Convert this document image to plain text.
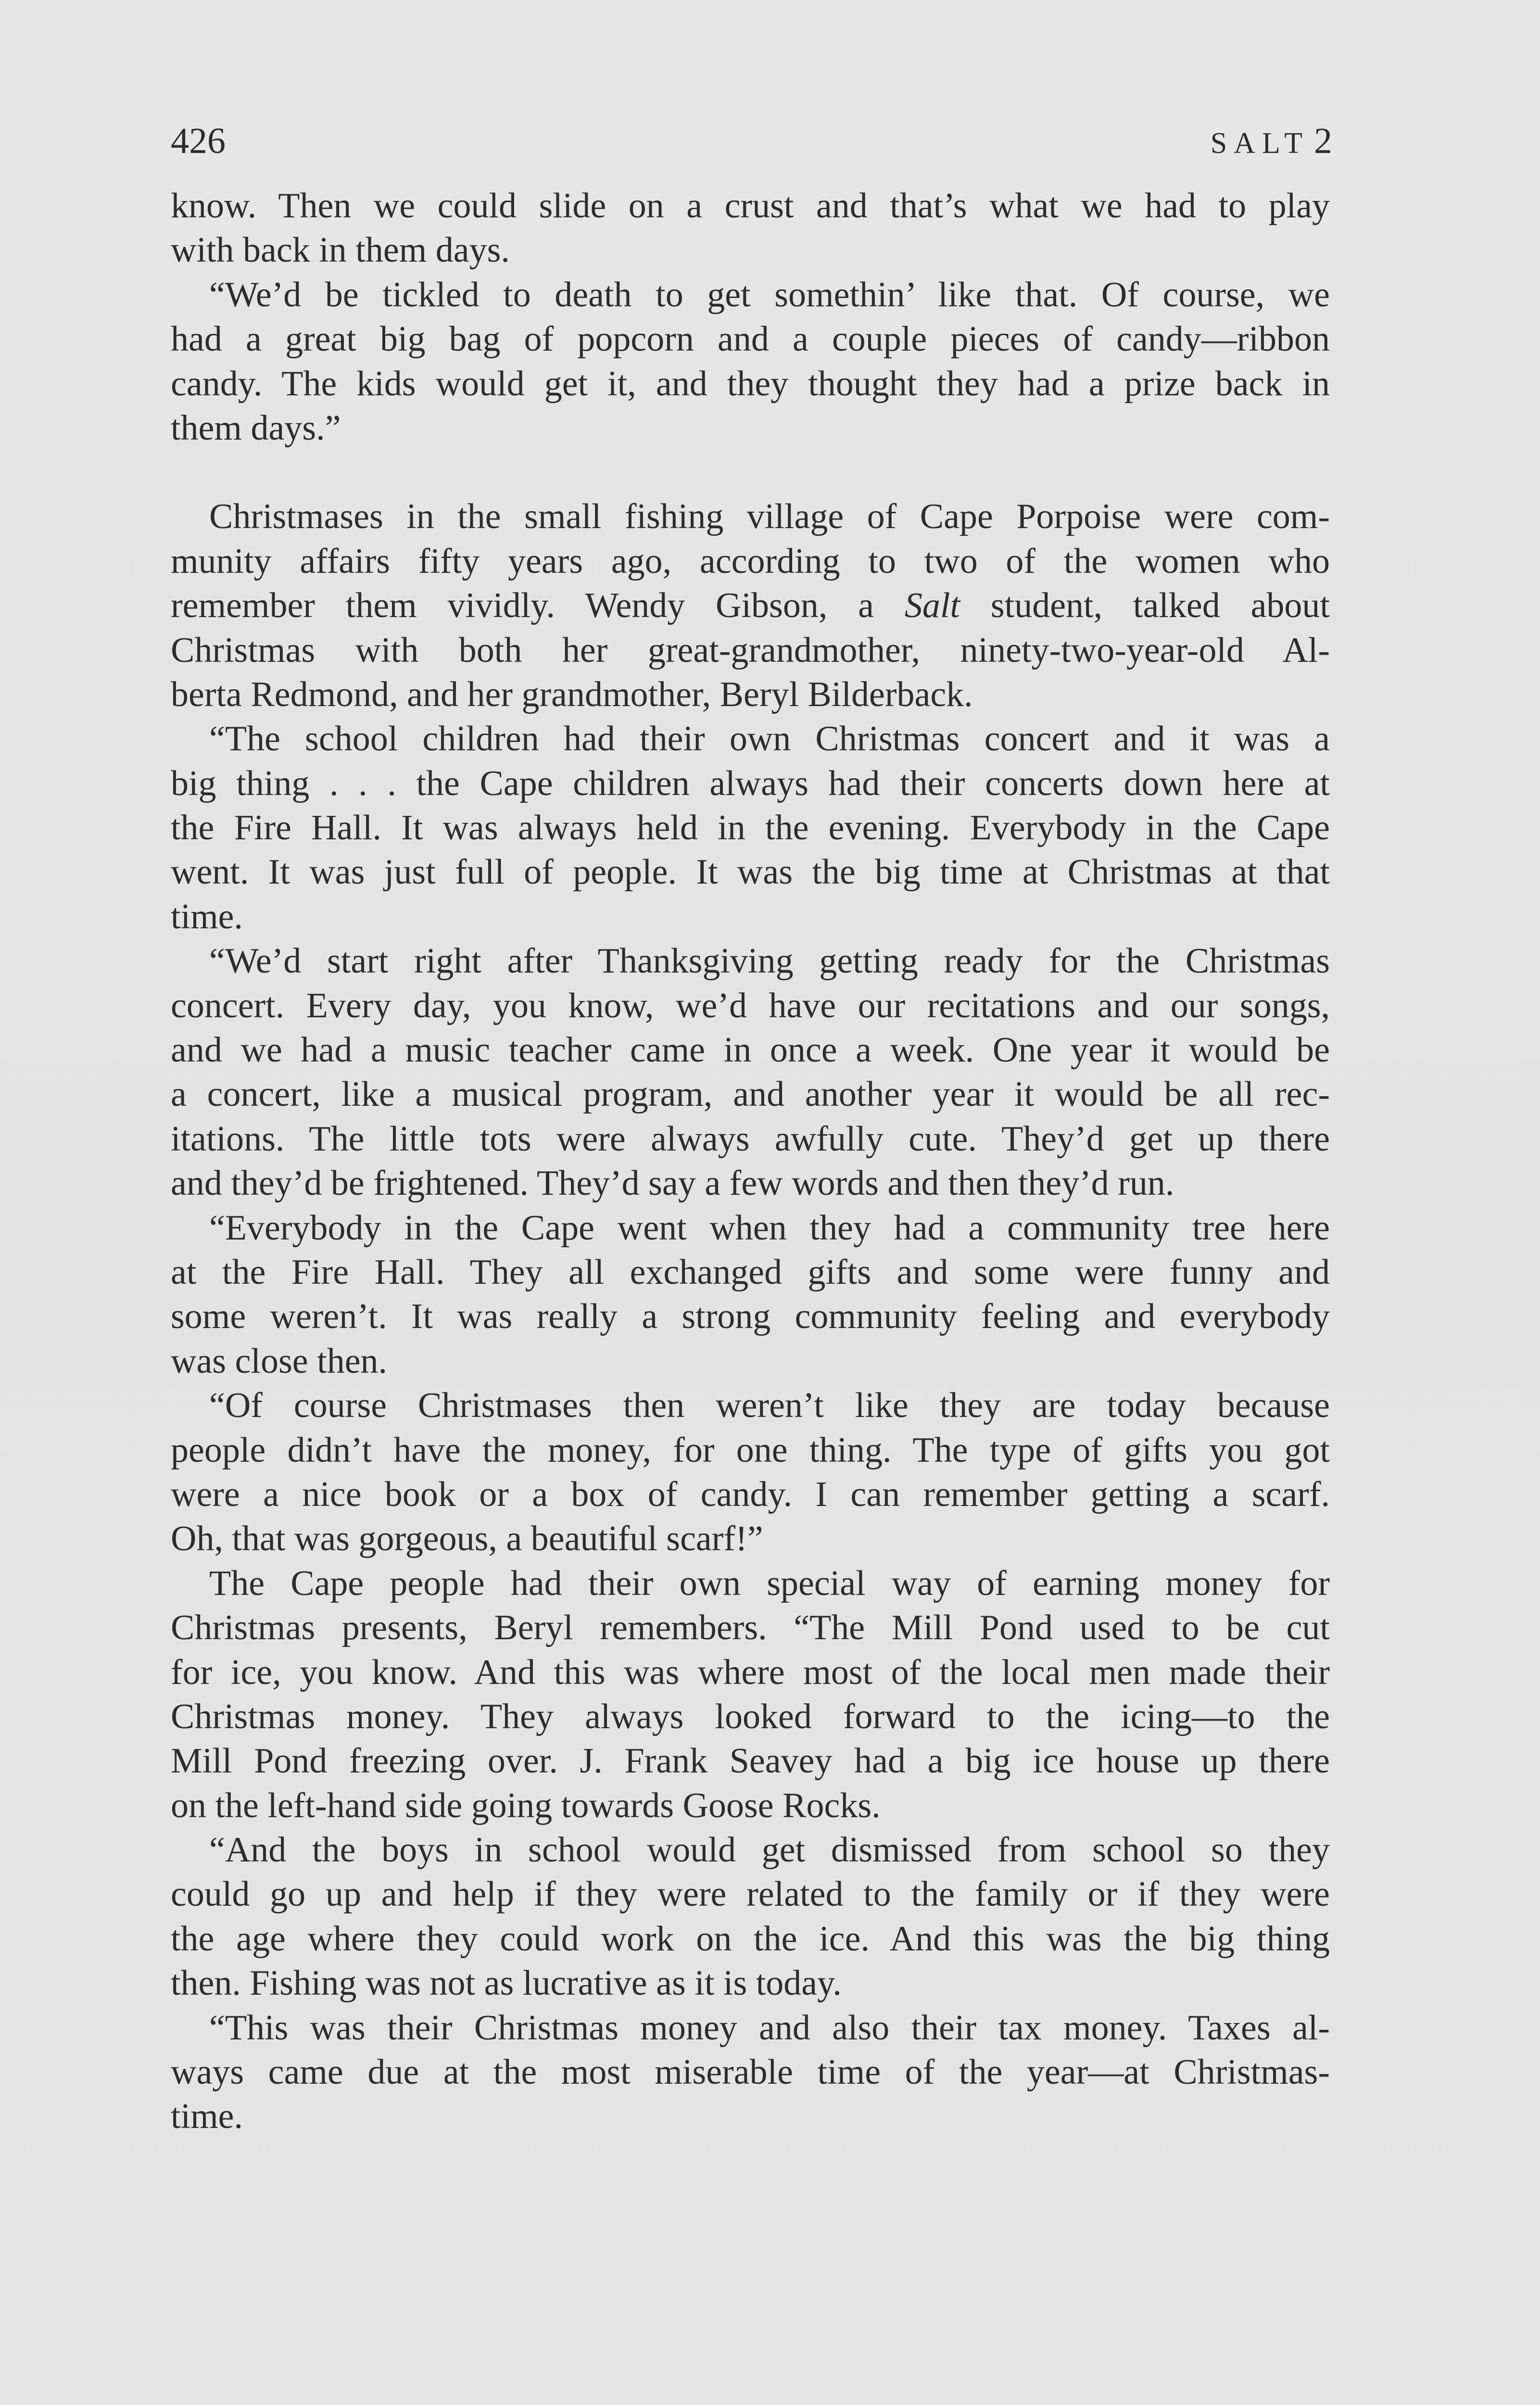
426	SALT 2
know. Then we could slide on a crust and that’s what we had to play
with back in them days.
“We’d be tickled to death to get somethin’ like that. Of course, we
had a great big bag of popcorn and a couple pieces of candy—ribbon
candy. The kids would get it, and they thought they had a prize back in
them days.”
Christmases in the small fishing village of Cape Porpoise were com-
munity affairs fifty years ago, according to two of the women who
remember them vividly. Wendy Gibson, a Salt student, talked about
Christmas with both her great-grandmother, ninety-two-year-old Al-
berta Redmond, and her grandmother, Beryl Bilderback.
“The school children had their own Christmas concert and it was a
big thing . . . the Cape children always had their concerts down here at
the Fire Hall. It was always held in the evening. Everybody in the Cape
went. It was just full of people. It was the big time at Christmas at that
time.
“We’d start right after Thanksgiving getting ready for the Christmas
concert. Every day, you know, we’d have our recitations and our songs,
and we had a music teacher came in once a week. One year it would be
a concert, like a musical program, and another year it would be all rec-
itations. The little tots were always awfully cute. They’d get up there
and they’d be frightened. They’d say a few words and then they’d run.
“Everybody in the Cape went when they had a community tree here
at the Fire Hall. They all exchanged gifts and some were funny and
some weren’t. It was really a strong community feeling and everybody
was close then.
“Of course Christmases then weren’t like they are today because
people didn’t have the money, for one thing. The type of gifts you got
were a nice book or a box of candy. I can remember getting a scarf.
Oh, that was gorgeous, a beautiful scarf!”
The Cape people had their own special way of earning money for
Christmas presents, Beryl remembers. “The Mill Pond used to be cut
for ice, you know. And this was where most of the local men made their
Christmas money. They always looked forward to the icing—to the
Mill Pond freezing over. J. Frank Seavey had a big ice house up there
on the left-hand side going towards Goose Rocks.
“And the boys in school would get dismissed from school so they
could go up and help if they were related to the family or if they were
the age where they could work on the ice. And this was the big thing
then. Fishing was not as lucrative as it is today.
“This was their Christmas money and also their tax money. Taxes al-
ways came due at the most miserable time of the year—at Christmas-
time.
